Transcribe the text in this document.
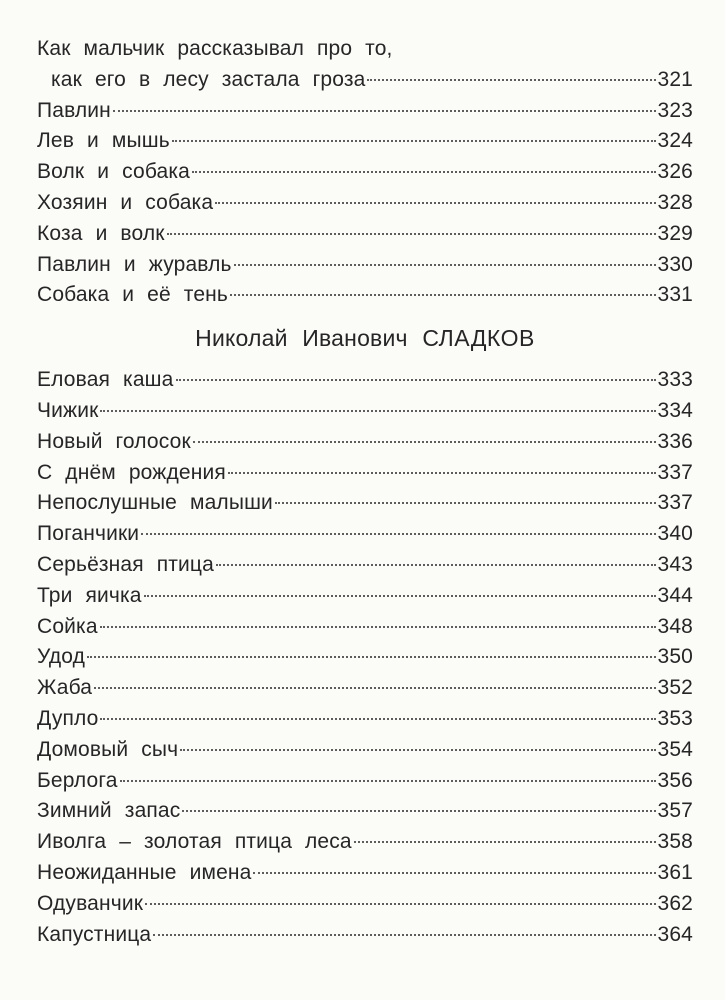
Как мальчик рассказывал про то,
как его в лесу застала гроза	321
Павлин	323
Лев и мышь	324
Волк и собака	326
Хозяин и собака	328
Коза и волк	329
Павлин и журавль	330
Собака и её тень	331
Николай Иванович СЛАДКОВ
Еловая каша	333
Чижик	334
Новый голосок	336
С днём рождения	337
Непослушные малыши	337
Поганчики	340
Серьёзная птица	343
Три яичка	344
Сойка	348
Удод	350
Жаба	352
Дупло	353
Домовый сыч	354
Берлога	356
Зимний запас	357
Иволга – золотая птица леса	358
Неожиданные имена	361
Одуванчик	362
Капустница	364
